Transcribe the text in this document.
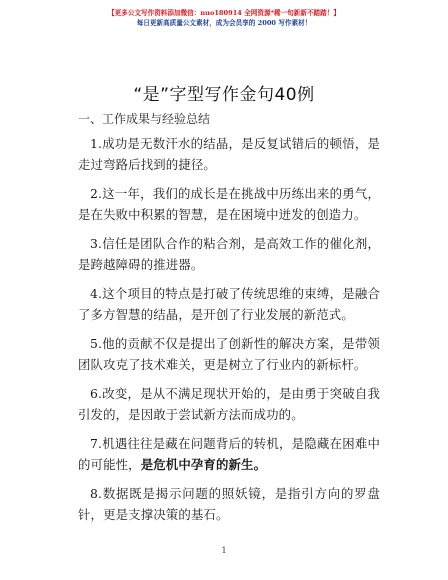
【更多公文写作资料添加微信：nuo180914 全网资源*稀一旬新新不踏踏！】
每日更新高质量公文素材，成为会员享的 2000 写作素材！
“是”字型写作金句40例
一、工作成果与经验总结

1.成功是无数汗水的结晶，是反复试错后的顿悟，是走过弯路后找到的捷径。

2.这一年，我们的成长是在挑战中历练出来的勇气，是在失败中积累的智慧，是在困境中迸发的创造力。

3.信任是团队合作的粘合剂，是高效工作的催化剂，是跨越障碍的推进器。

4.这个项目的特点是打破了传统思维的束缚，是融合了多方智慧的结晶，是开创了行业发展的新范式。

5.他的贡献不仅是提出了创新性的解决方案，是带领团队攻克了技术难关，更是树立了行业内的新标杆。

6.改变，是从不满足现状开始的，是由勇于突破自我引发的，是因敢于尝试新方法而成功的。

7.机遇往往是藏在问题背后的转机，是隐藏在困难中的可能性，是危机中孕育的新生。

8.数据既是揭示问题的照妖镜，是指引方向的罗盘针，更是支撑决策的基石。

1
